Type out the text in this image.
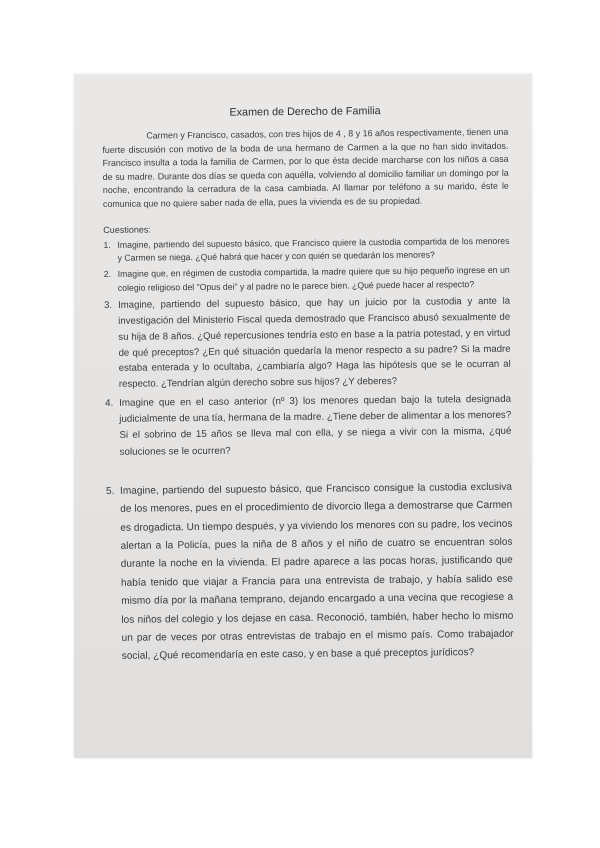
Examen de Derecho de Familia

Carmen y Francisco, casados, con tres hijos de 4 , 8 y 16 años respectivamente, tienen una fuerte discusión con motivo de la boda de una hermano de Carmen a la que no han sido invitados. Francisco insulta a toda la familia de Carmen, por lo que ésta decide marcharse con los niños a casa de su madre. Durante dos días se queda con aquélla, volviendo al domicilio familiar un domingo por la noche, encontrando la cerradura de la casa cambiada. Al llamar por teléfono a su marido, éste le comunica que no quiere saber nada de ella, pues la vivienda es de su propiedad.

Cuestiones:
1. Imagine, partiendo del supuesto básico, que Francisco quiere la custodia compartida de los menores y Carmen se niega. ¿Qué habrá que hacer y con quién se quedarán los menores?
2. Imagine que, en régimen de custodia compartida, la madre quiere que su hijo pequeño ingrese en un colegio religioso del "Opus dei" y al padre no le parece bien. ¿Qué puede hacer al respecto?
3. Imagine, partiendo del supuesto básico, que hay un juicio por la custodia y ante la investigación del Ministerio Fiscal queda demostrado que Francisco abusó sexualmente de su hija de 8 años. ¿Qué repercusiones tendría esto en base a la patria potestad, y en virtud de qué preceptos? ¿En qué situación quedaría la menor respecto a su padre? Si la madre estaba enterada y lo ocultaba, ¿cambiaría algo? Haga las hipótesis que se le ocurran al respecto. ¿Tendrían algún derecho sobre sus hijos? ¿Y deberes?
4. Imagine que en el caso anterior (nº 3) los menores quedan bajo la tutela designada judicialmente de una tía, hermana de la madre. ¿Tiene deber de alimentar a los menores? Si el sobrino de 15 años se lleva mal con ella, y se niega a vivir con la misma, ¿qué soluciones se le ocurren?
5. Imagine, partiendo del supuesto básico, que Francisco consigue la custodia exclusiva de los menores, pues en el procedimiento de divorcio llega a demostrarse que Carmen es drogadicta. Un tiempo después, y ya viviendo los menores con su padre, los vecinos alertan a la Policía, pues la niña de 8 años y el niño de cuatro se encuentran solos durante la noche en la vivienda. El padre aparece a las pocas horas, justificando que había tenido que viajar a Francia para una entrevista de trabajo, y había salido ese mismo día por la mañana temprano, dejando encargado a una vecina que recogiese a los niños del colegio y los dejase en casa. Reconoció, también, haber hecho lo mismo un par de veces por otras entrevistas de trabajo en el mismo país. Como trabajador social, ¿Qué recomendaría en este caso, y en base a qué preceptos jurídicos?
